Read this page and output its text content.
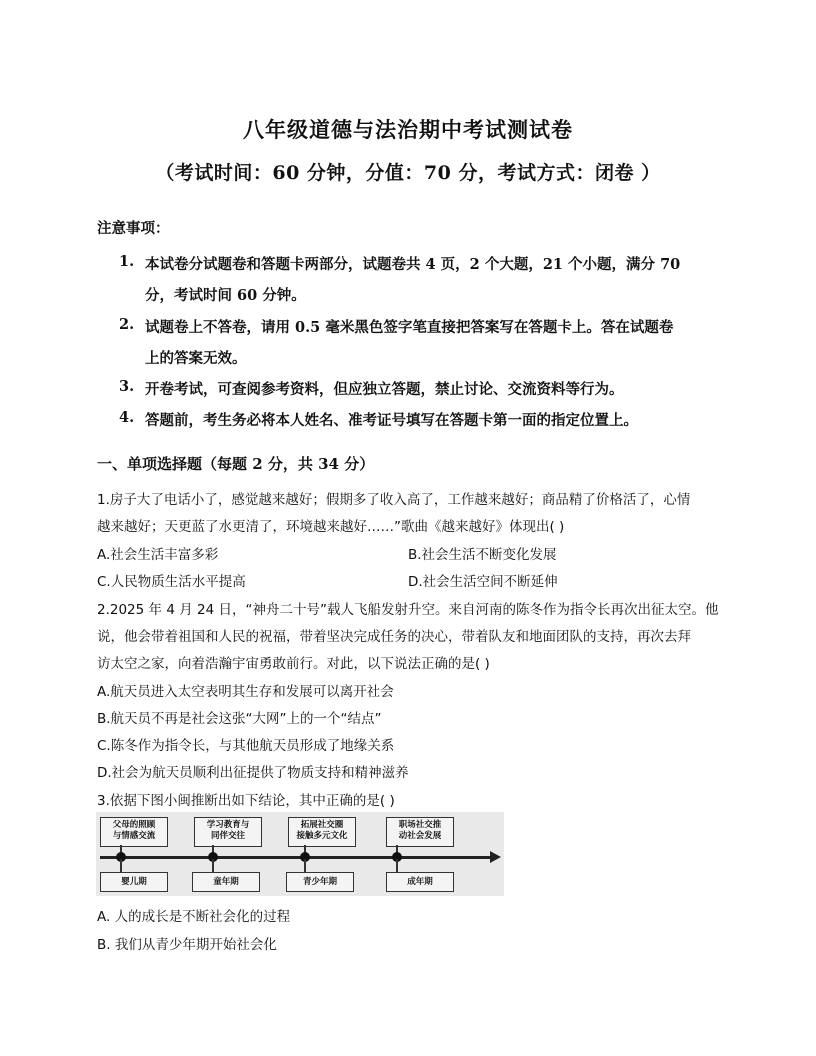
八年级道德与法治期中考试测试卷
（考试时间：60 分钟，分值：70 分，考试方式：闭卷 ）
注意事项：
1. 本试卷分试题卷和答题卡两部分，试题卷共 4 页，2 个大题，21 个小题，满分 70
分，考试时间 60 分钟。
2. 试题卷上不答卷，请用 0.5 毫米黑色签字笔直接把答案写在答题卡上。答在试题卷
上的答案无效。
3. 开卷考试，可查阅参考资料，但应独立答题，禁止讨论、交流资料等行为。
4. 答题前，考生务必将本人姓名、准考证号填写在答题卡第一面的指定位置上。
一、单项选择题（每题 2 分，共 34 分）
1.房子大了电话小了，感觉越来越好；假期多了收入高了，工作越来越好；商品精了价格活了，心情
越来越好；天更蓝了水更清了，环境越来越好……”歌曲《越来越好》体现出( )
A.社会生活丰富多彩	B.社会生活不断变化发展
C.人民物质生活水平提高	D.社会生活空间不断延伸
2.2025 年 4 月 24 日，“神舟二十号”载人飞船发射升空。来自河南的陈冬作为指令长再次出征太空。他
说，他会带着祖国和人民的祝福，带着坚决完成任务的决心，带着队友和地面团队的支持，再次去拜
访太空之家，向着浩瀚宇宙勇敢前行。对此，以下说法正确的是( )
A.航天员进入太空表明其生存和发展可以离开社会
B.航天员不再是社会这张“大网”上的一个“结点”
C.陈冬作为指令长，与其他航天员形成了地缘关系
D.社会为航天员顺利出征提供了物质支持和精神滋养
3.依据下图小闽推断出如下结论，其中正确的是( )
父母的照顾
与情感交流
婴儿期
学习教育与
同伴交往
童年期
拓展社交圈
接触多元文化
青少年期
职场社交推
动社会发展
成年期
A. 人的成长是不断社会化的过程
B. 我们从青少年期开始社会化
